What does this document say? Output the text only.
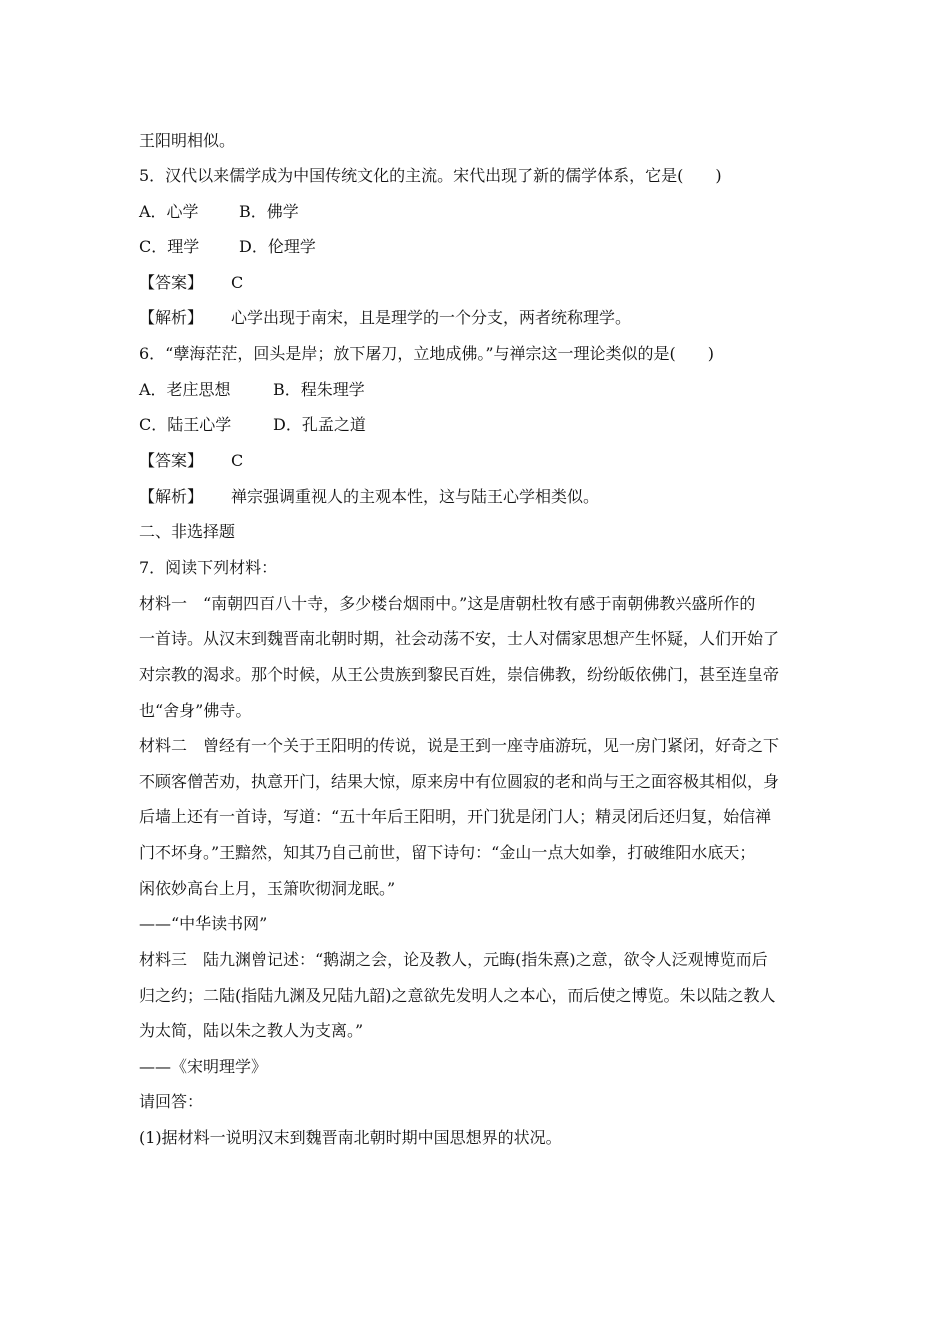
王阳明相似。
5．汉代以来儒学成为中国传统文化的主流。宋代出现了新的儒学体系，它是(　　)
A．心学	B．佛学
C．理学 D．伦理学
【答案】 C
【解析】 心学出现于南宋，且是理学的一个分支，两者统称理学。
6．“孽海茫茫，回头是岸；放下屠刀，立地成佛。”与禅宗这一理论类似的是(　　)
A．老庄思想	B．程朱理学
C．陆王心学	D．孔孟之道
【答案】 C
【解析】 禅宗强调重视人的主观本性，这与陆王心学相类似。
二、非选择题
7．阅读下列材料：
材料一　“南朝四百八十寺，多少楼台烟雨中。”这是唐朝杜牧有感于南朝佛教兴盛所作的
一首诗。从汉末到魏晋南北朝时期，社会动荡不安，士人对儒家思想产生怀疑，人们开始了
对宗教的渴求。那个时候，从王公贵族到黎民百姓，崇信佛教，纷纷皈依佛门，甚至连皇帝
也“舍身”佛寺。
材料二　曾经有一个关于王阳明的传说，说是王到一座寺庙游玩，见一房门紧闭，好奇之下
不顾客僧苦劝，执意开门，结果大惊，原来房中有位圆寂的老和尚与王之面容极其相似，身
后墙上还有一首诗，写道：“五十年后王阳明，开门犹是闭门人；精灵闭后还归复，始信禅
门不坏身。”王黯然，知其乃自己前世，留下诗句：“金山一点大如拳，打破维阳水底天；
闲依妙高台上月，玉箫吹彻洞龙眠。”
——“中华读书网”
材料三　陆九渊曾记述：“鹅湖之会，论及教人，元晦(指朱熹)之意，欲令人泛观博览而后
归之约；二陆(指陆九渊及兄陆九韶)之意欲先发明人之本心，而后使之博览。朱以陆之教人
为太简，陆以朱之教人为支离。”
——《宋明理学》
请回答：
(1)据材料一说明汉末到魏晋南北朝时期中国思想界的状况。
